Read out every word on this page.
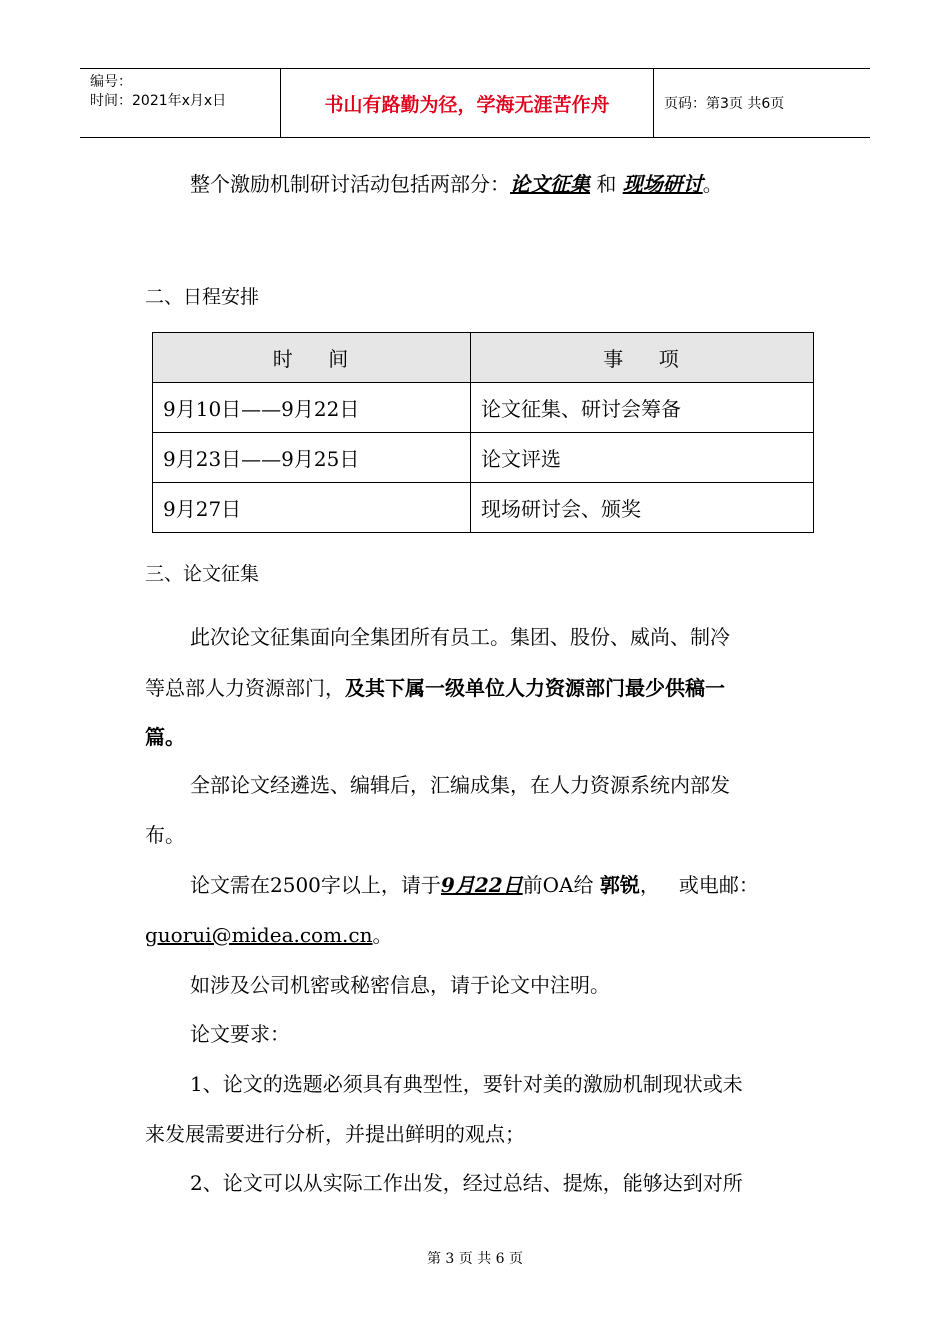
编号：
时间：2021年x月x日	书山有路勤为径，学海无涯苦作舟	页码：第3页 共6页
整个激励机制研讨活动包括两部分：论文征集 和 现场研讨。
二、日程安排
时    间	事    项
9月10日——9月22日	论文征集、研讨会筹备
9月23日——9月25日	论文评选
9月27日	现场研讨会、颁奖
三、论文征集
此次论文征集面向全集团所有员工。集团、股份、威尚、制冷
等总部人力资源部门，及其下属一级单位人力资源部门最少供稿一
篇。
全部论文经遴选、编辑后，汇编成集，在人力资源系统内部发
布。
论文需在2500字以上，请于9月22日前OA给 郭锐，   或电邮：
guorui@midea.com.cn。
如涉及公司机密或秘密信息，请于论文中注明。
论文要求：
1、论文的选题必须具有典型性，要针对美的激励机制现状或未
来发展需要进行分析，并提出鲜明的观点；
2、论文可以从实际工作出发，经过总结、提炼，能够达到对所
第 3 页 共 6 页
